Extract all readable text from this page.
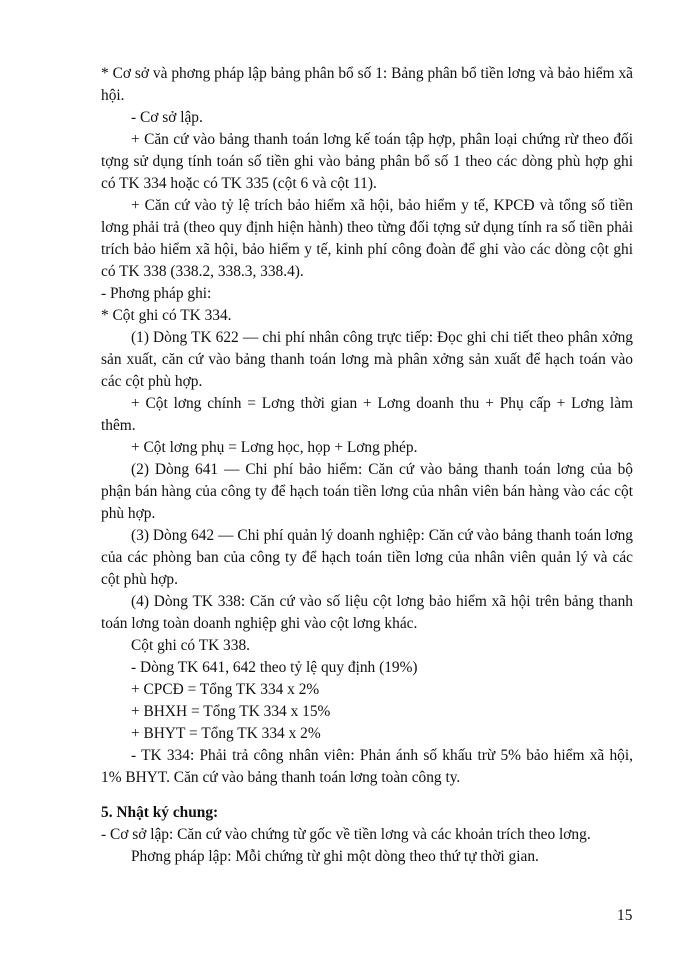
* Cơ sở và phơng pháp lập bảng phân bổ số 1: Bảng phân bổ tiền lơng và bảo hiểm xã hội.

- Cơ sở lập.

+ Căn cứ vào bảng thanh toán lơng kế toán tập hợp, phân loại chứng rừ theo đối tợng sử dụng tính toán số tiền ghi vào bảng phân bổ số 1 theo các dòng phù hợp ghi có TK 334 hoặc có TK 335 (cột 6 và cột 11).

+ Căn cứ vào tỷ lệ trích bảo hiểm xã hội, bảo hiểm y tế, KPCĐ và tổng số tiền lơng phải trả (theo quy định hiện hành) theo từng đối tợng sử dụng tính ra số tiền phải trích bảo hiểm xã hội, bảo hiểm y tế, kinh phí công đoàn để ghi vào các dòng cột ghi có TK 338 (338.2, 338.3, 338.4).

- Phơng pháp ghi:

* Cột ghi có TK 334.

(1) Dòng TK 622 — chi phí nhân công trực tiếp: Đọc ghi chi tiết theo phân xởng sản xuất, căn cứ vào bảng thanh toán lơng mà phân xởng sản xuất để hạch toán vào các cột phù hợp.

+ Cột lơng chính = Lơng thời gian + Lơng doanh thu + Phụ cấp + Lơng làm thêm.

+ Cột lơng phụ = Lơng học, họp + Lơng phép.

(2) Dòng 641 — Chi phí bảo hiểm: Căn cứ vào bảng thanh toán lơng của bộ phận bán hàng của công ty để hạch toán tiền lơng của nhân viên bán hàng vào các cột phù hợp.

(3) Dòng 642 — Chi phí quản lý doanh nghiệp: Căn cứ vào bảng thanh toán lơng của các phòng ban của công ty để hạch toán tiền lơng của nhân viên quản lý và các cột phù hợp.

(4) Dòng TK 338: Căn cứ vào số liệu cột lơng bảo hiểm xã hội trên bảng thanh toán lơng toàn doanh nghiệp ghi vào cột lơng khác.

Cột ghi có TK 338.

- Dòng TK 641, 642 theo tỷ lệ quy định (19%)

+ CPCĐ = Tổng TK 334 x 2%

+ BHXH = Tổng TK 334 x 15%

+ BHYT = Tổng TK 334 x 2%

- TK 334: Phải trả công nhân viên: Phản ánh số khấu trừ 5% bảo hiểm xã hội, 1% BHYT. Căn cứ vào bảng thanh toán lơng toàn công ty.

5. Nhật ký chung:

- Cơ sở lập: Căn cứ vào chứng từ gốc về tiền lơng và các khoản trích theo lơng.

Phơng pháp lập: Mỗi chứng từ ghi một dòng theo thứ tự thời gian.

15
